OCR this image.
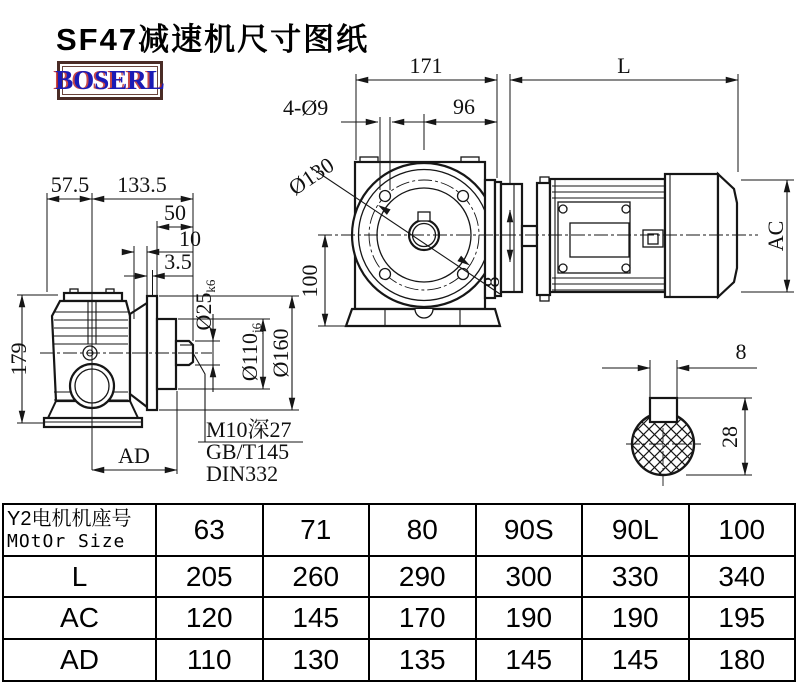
SF47减速机尺寸图纸
BOSERL
57.5 133.5
50
10
3.5
179
AD
Ø25k6
Ø110j6
Ø160
M10深27
GB/T145
DIN332
171	L
4-Ø9	96
Ø130
100	8
AC
8
28
Y2电机机座号
MOtOr Size	63	71	80	90S	90L	100
L	205	260	290	300	330	340
AC	120	145	170	190	190	195
AD	110	130	135	145	145	180
